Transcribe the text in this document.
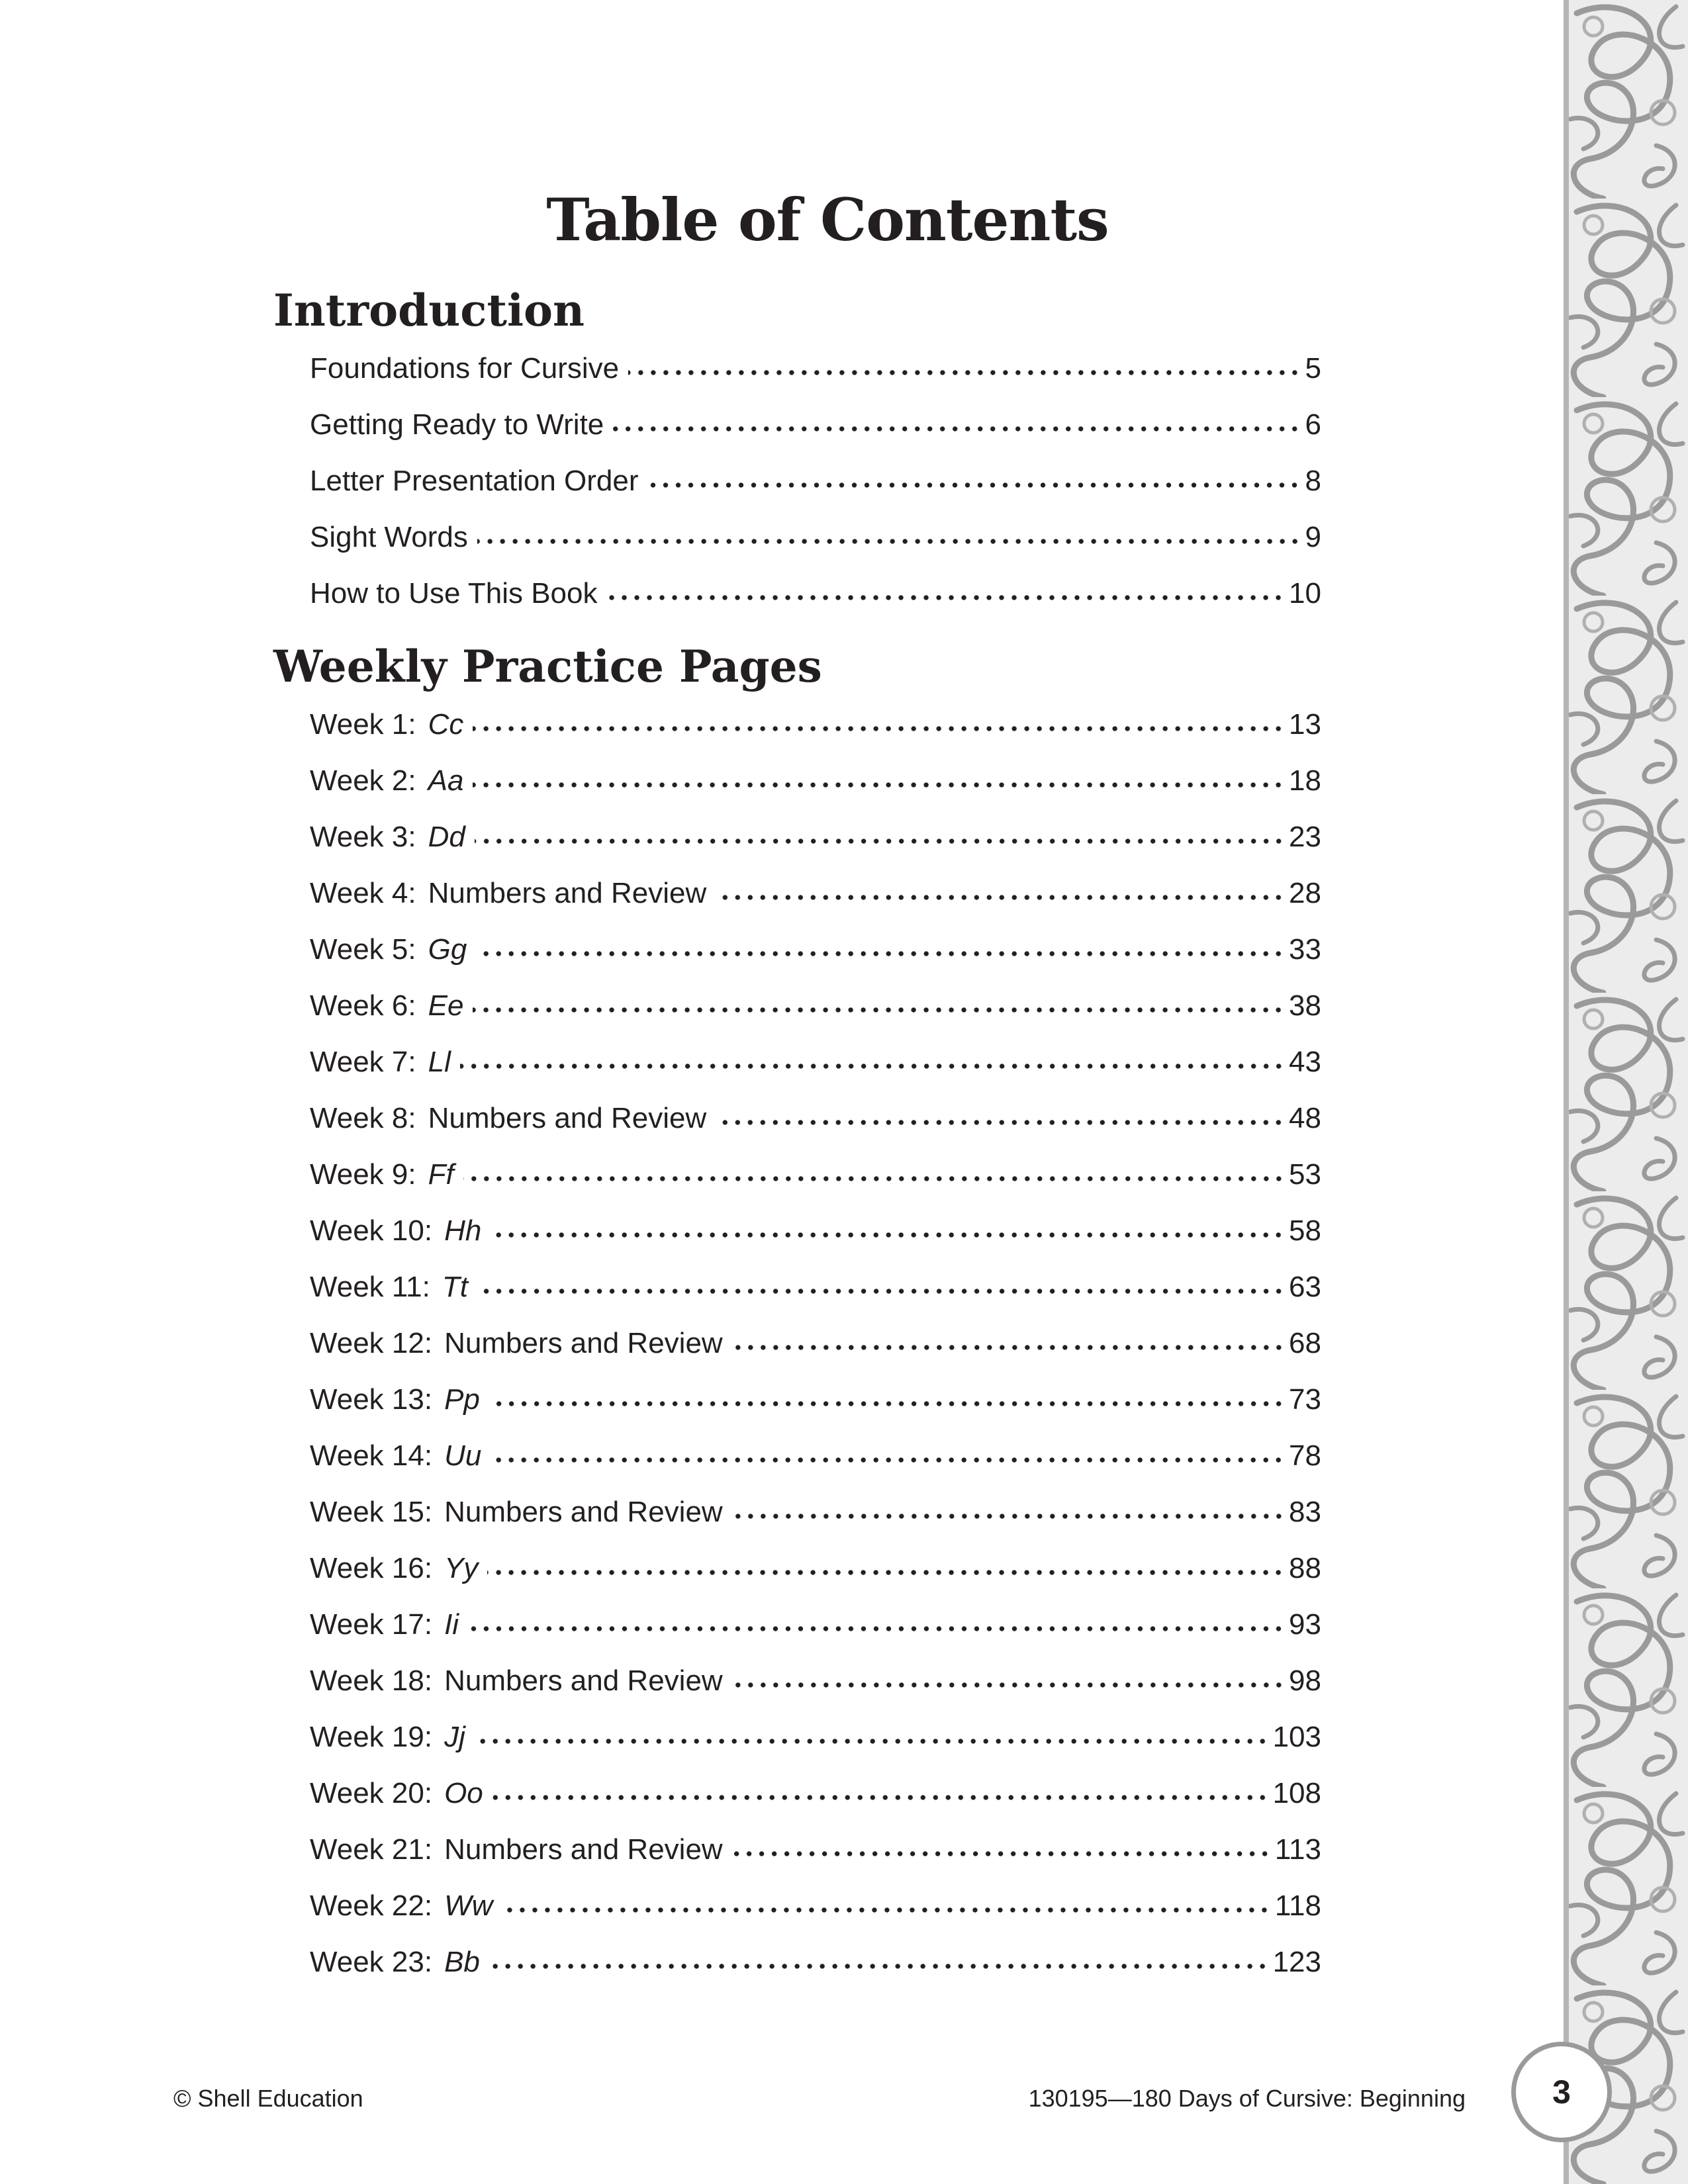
Table of Contents
Introduction
Foundations for Cursive	5
Getting Ready to Write	6
Letter Presentation Order	8
Sight Words	9
How to Use This Book	10
Weekly Practice Pages
Week 1: Cc	13
Week 2: Aa	18
Week 3: Dd	23
Week 4: Numbers and Review	28
Week 5: Gg	33
Week 6: Ee	38
Week 7: Ll	43
Week 8: Numbers and Review	48
Week 9: Ff	53
Week 10: Hh	58
Week 11: Tt	63
Week 12: Numbers and Review	68
Week 13: Pp	73
Week 14: Uu	78
Week 15: Numbers and Review	83
Week 16: Yy	88
Week 17: Ii	93
Week 18: Numbers and Review	98
Week 19: Jj	103
Week 20: Oo	108
Week 21: Numbers and Review	113
Week 22: Ww	118
Week 23: Bb	123
© Shell Education	130195—180 Days of Cursive: Beginning	3
